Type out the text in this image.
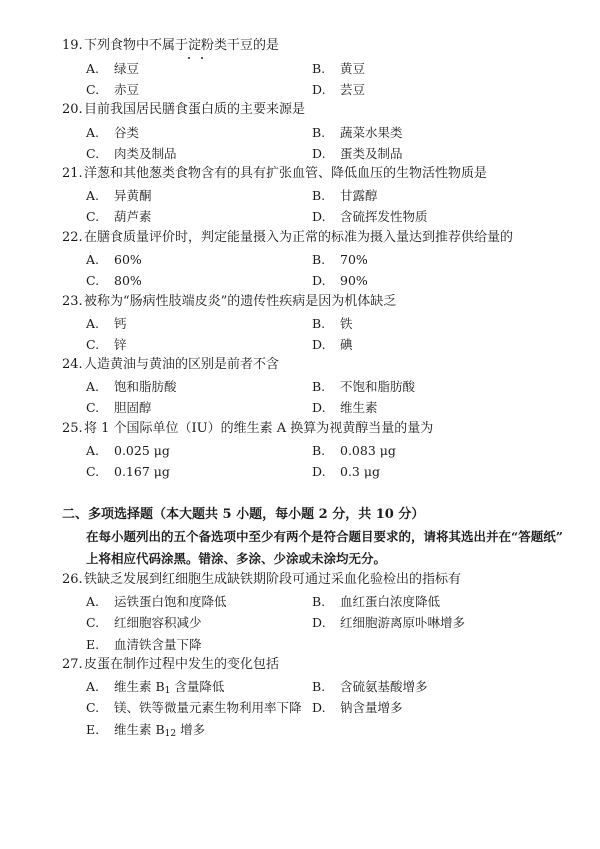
19.下列食物中不属于淀粉类干豆的是
A. 绿豆	B. 黄豆
C. 赤豆	D. 芸豆
20.目前我国居民膳食蛋白质的主要来源是
A. 谷类	B. 蔬菜水果类
C. 肉类及制品	D. 蛋类及制品
21.洋葱和其他葱类食物含有的具有扩张血管、降低血压的生物活性物质是
A. 异黄酮	B. 甘露醇
C. 葫芦素	D. 含硫挥发性物质
22.在膳食质量评价时，判定能量摄入为正常的标准为摄入量达到推荐供给量的
A. 60%	B. 70%
C. 80%	D. 90%
23.被称为“肠病性肢端皮炎”的遗传性疾病是因为机体缺乏
A. 钙	B. 铁
C. 锌	D. 碘
24.人造黄油与黄油的区别是前者不含
A. 饱和脂肪酸	B. 不饱和脂肪酸
C. 胆固醇	D. 维生素
25.将 1 个国际单位（IU）的维生素 A 换算为视黄醇当量的量为
A. 0.025 μg	B. 0.083 μg
C. 0.167 μg	D. 0.3 μg
二、多项选择题（本大题共 5 小题，每小题 2 分，共 10 分）
在每小题列出的五个备选项中至少有两个是符合题目要求的，请将其选出并在“答题纸”
上将相应代码涂黑。错涂、多涂、少涂或未涂均无分。
26.铁缺乏发展到红细胞生成缺铁期阶段可通过采血化验检出的指标有
A. 运铁蛋白饱和度降低	B. 血红蛋白浓度降低
C. 红细胞容积减少	D. 红细胞游离原卟啉增多
E. 血清铁含量下降
27.皮蛋在制作过程中发生的变化包括
A. 维生素 $B_1$ 含量降低	B. 含硫氨基酸增多
C. 镁、铁等微量元素生物利用率下降 D. 钠含量增多
E. 维生素 $B_{12}$ 增多
